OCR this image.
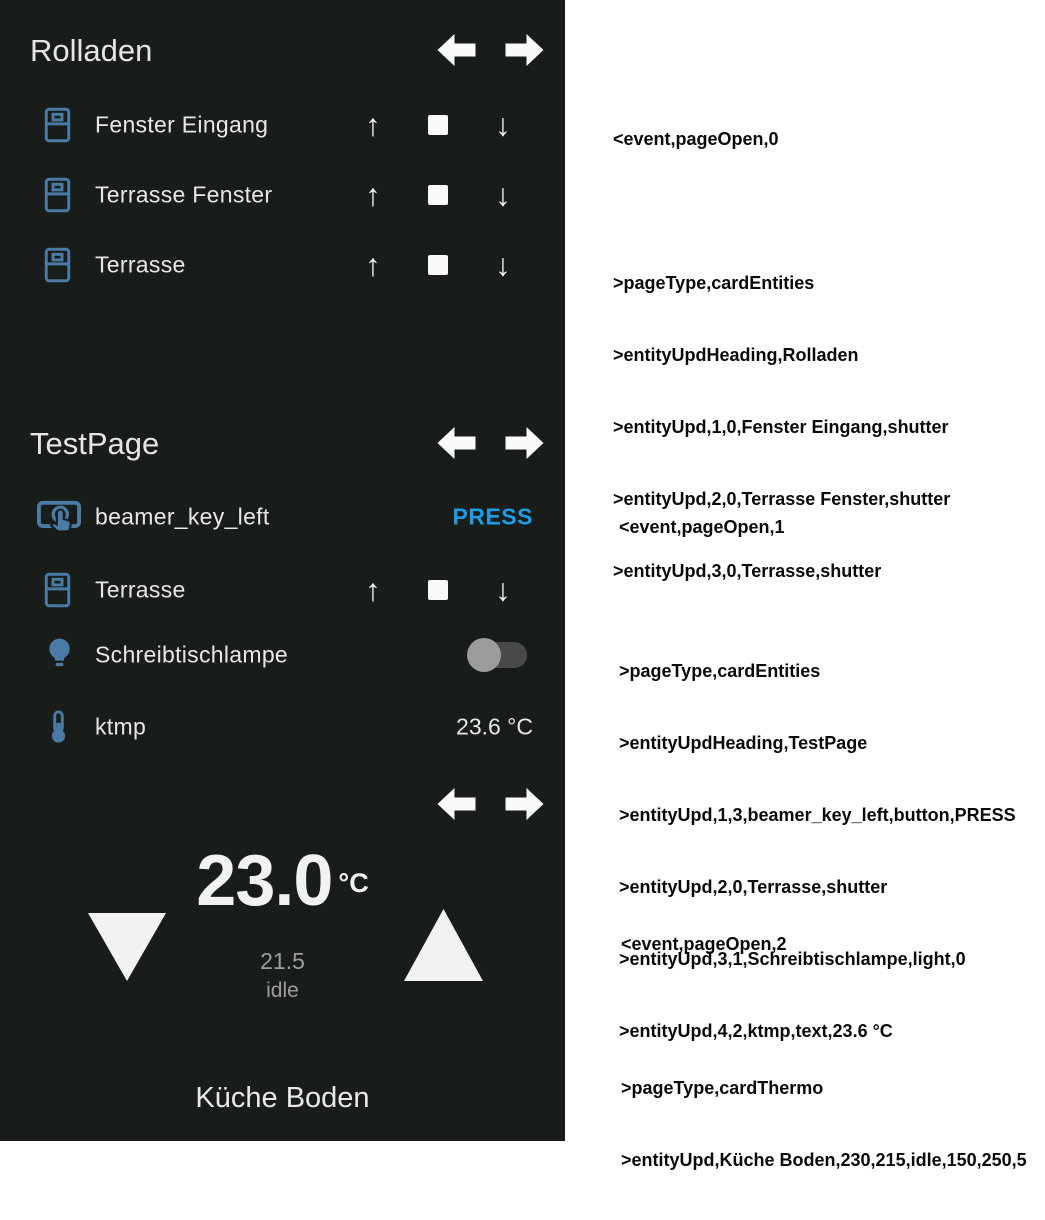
Rolladen
Fenster Eingang	↑	↓
Terrasse Fenster	↑	↓
Terrasse	↑	↓
TestPage
beamer_key_left	PRESS
Terrasse	↑	↓
Schreibtischlampe
ktmp	23.6 °C
23.0 °C
21.5
idle
Küche Boden

<event,pageOpen,0

>pageType,cardEntities

>entityUpdHeading,Rolladen

>entityUpd,1,0,Fenster Eingang,shutter

>entityUpd,2,0,Terrasse Fenster,shutter

>entityUpd,3,0,Terrasse,shutter

<event,pageOpen,1

>pageType,cardEntities

>entityUpdHeading,TestPage

>entityUpd,1,3,beamer_key_left,button,PRESS

>entityUpd,2,0,Terrasse,shutter

>entityUpd,3,1,Schreibtischlampe,light,0

>entityUpd,4,2,ktmp,text,23.6 °C

<event,pageOpen,2

>pageType,cardThermo

>entityUpd,Küche Boden,230,215,idle,150,250,5
